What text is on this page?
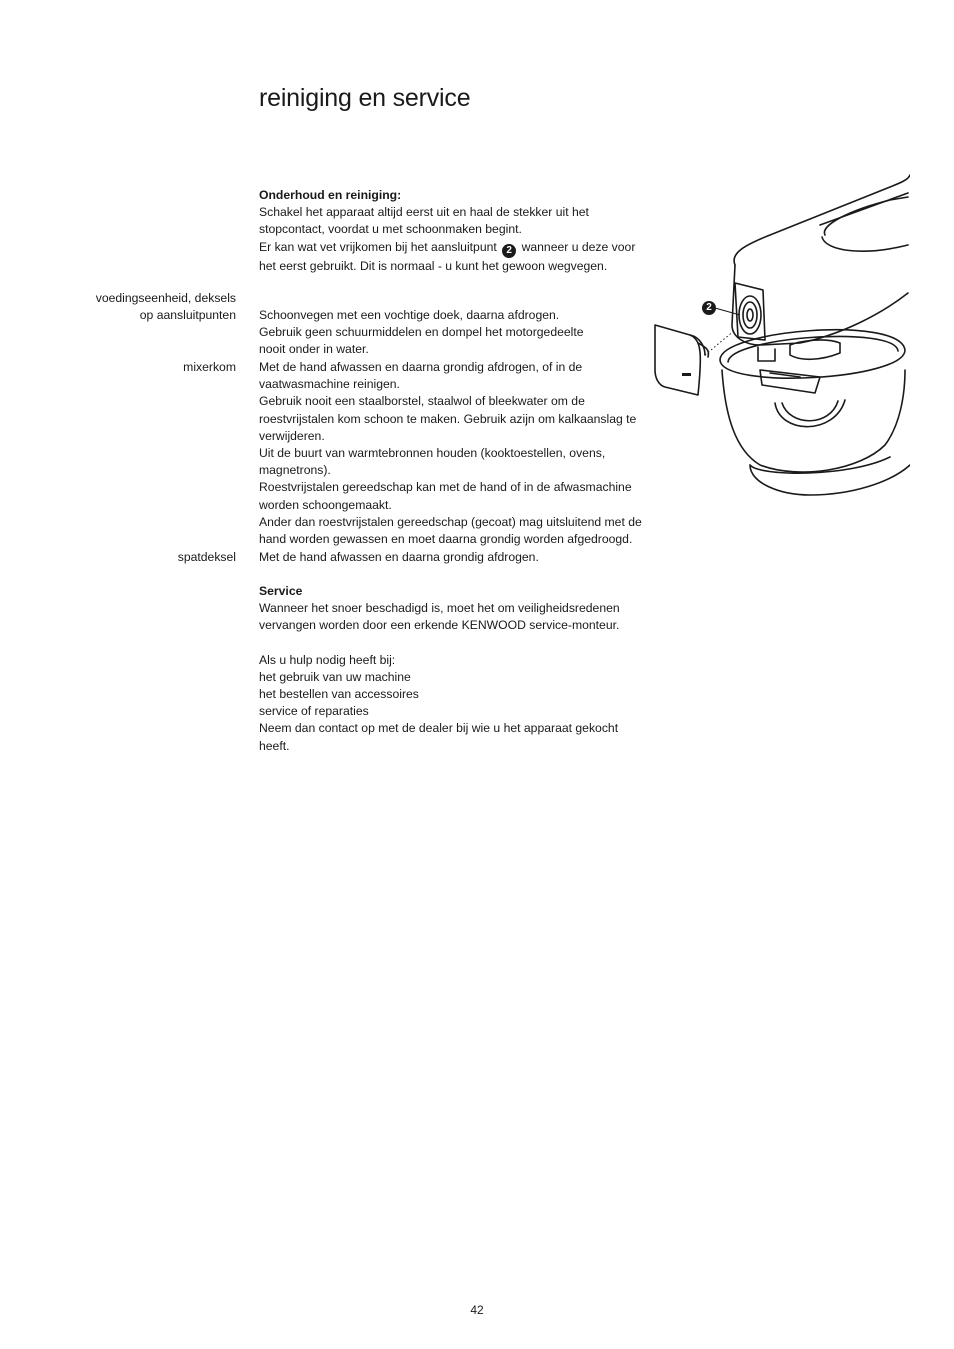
reiniging en service

Onderhoud en reiniging:

Schakel het apparaat altijd eerst uit en haal de stekker uit het

stopcontact, voordat u met schoonmaken begint.

Er kan wat vet vrijkomen bij het aansluitpunt 2 wanneer u deze voor

het eerst gebruikt. Dit is normaal - u kunt het gewoon wegvegen.

voedingseenheid, deksels
op aansluitpunten
mixerkom
spatdeksel

Schoonvegen met een vochtige doek, daarna afdrogen.

Gebruik geen schuurmiddelen en dompel het motorgedeelte

nooit onder in water.

Met de hand afwassen en daarna grondig afdrogen, of in de

vaatwasmachine reinigen.

Gebruik nooit een staalborstel, staalwol of bleekwater om de

roestvrijstalen kom schoon te maken. Gebruik azijn om kalkaanslag te

verwijderen.

Uit de buurt van warmtebronnen houden (kooktoestellen, ovens,

magnetrons).

Roestvrijstalen gereedschap kan met de hand of in de afwasmachine

worden schoongemaakt.

Ander dan roestvrijstalen gereedschap (gecoat) mag uitsluitend met de

hand worden gewassen en moet daarna grondig worden afgedroogd.

Met de hand afwassen en daarna grondig afdrogen.

Service

Wanneer het snoer beschadigd is, moet het om veiligheidsredenen

vervangen worden door een erkende KENWOOD service-monteur.

Als u hulp nodig heeft bij:

het gebruik van uw machine

het bestellen van accessoires

service of reparaties

Neem dan contact op met de dealer bij wie u het apparaat gekocht

heeft.

2
42
